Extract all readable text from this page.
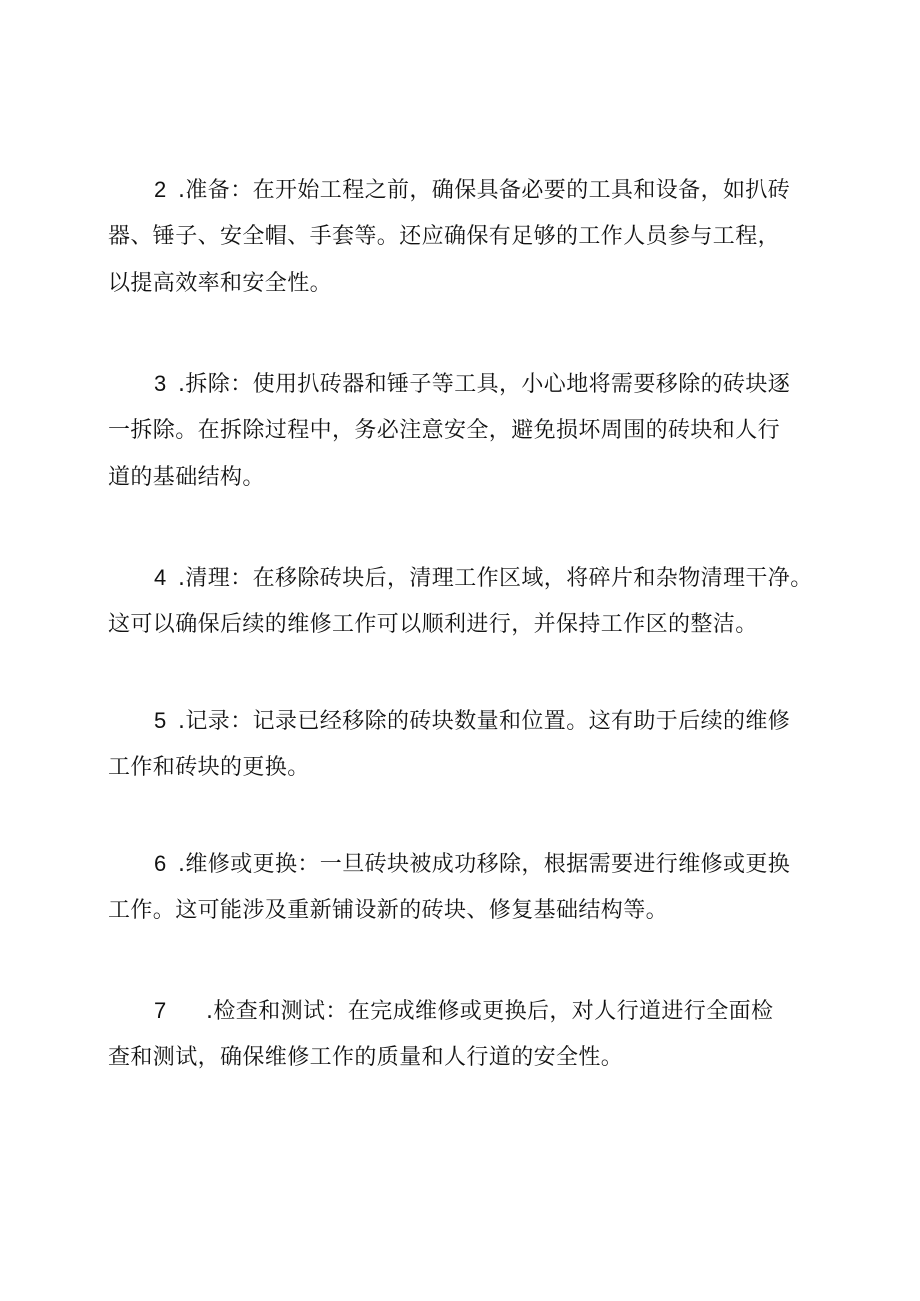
2 .准备：在开始工程之前，确保具备必要的工具和设备，如扒砖
器、锤子、安全帽、手套等。还应确保有足够的工作人员参与工程，
以提高效率和安全性。
3 .拆除：使用扒砖器和锤子等工具，小心地将需要移除的砖块逐
一拆除。在拆除过程中，务必注意安全，避免损坏周围的砖块和人行
道的基础结构。
4 .清理：在移除砖块后，清理工作区域，将碎片和杂物清理干净。
这可以确保后续的维修工作可以顺利进行，并保持工作区的整洁。
5 .记录：记录已经移除的砖块数量和位置。这有助于后续的维修
工作和砖块的更换。
6 .维修或更换：一旦砖块被成功移除，根据需要进行维修或更换
工作。这可能涉及重新铺设新的砖块、修复基础结构等。
7 .检查和测试：在完成维修或更换后，对人行道进行全面检
查和测试，确保维修工作的质量和人行道的安全性。
